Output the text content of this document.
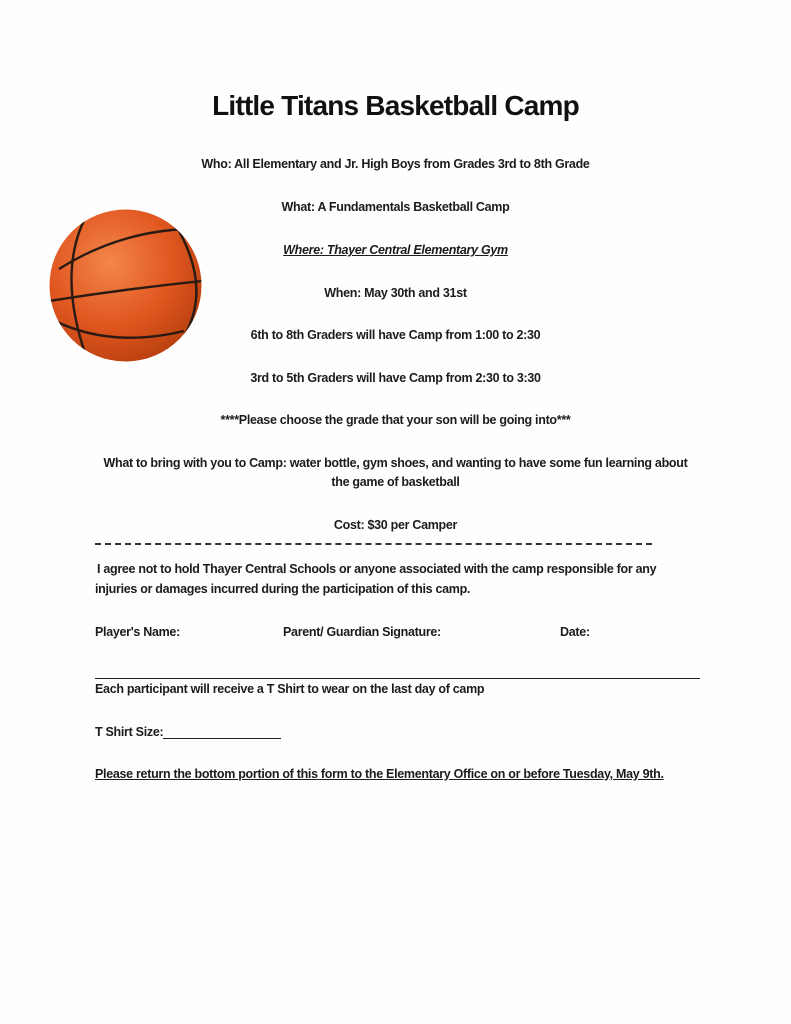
Little Titans Basketball Camp

Who: All Elementary and Jr. High Boys from Grades 3rd to 8th Grade

What: A Fundamentals Basketball Camp

Where: Thayer Central Elementary Gym

When: May 30th and 31st

6th to 8th Graders will have Camp from 1:00 to 2:30

3rd to 5th Graders will have Camp from 2:30 to 3:30

****Please choose the grade that your son will be going into***

What to bring with you to Camp: water bottle, gym shoes, and wanting to have some fun learning about

the game of basketball

Cost: $30 per Camper

I agree not to hold Thayer Central Schools or anyone associated with the camp responsible for any

injuries or damages incurred during the participation of this camp.

Player's Name:	Parent/ Guardian Signature:	Date:

Each participant will receive a T Shirt to wear on the last day of camp

T Shirt Size:

Please return the bottom portion of this form to the Elementary Office on or before Tuesday, May 9th.
